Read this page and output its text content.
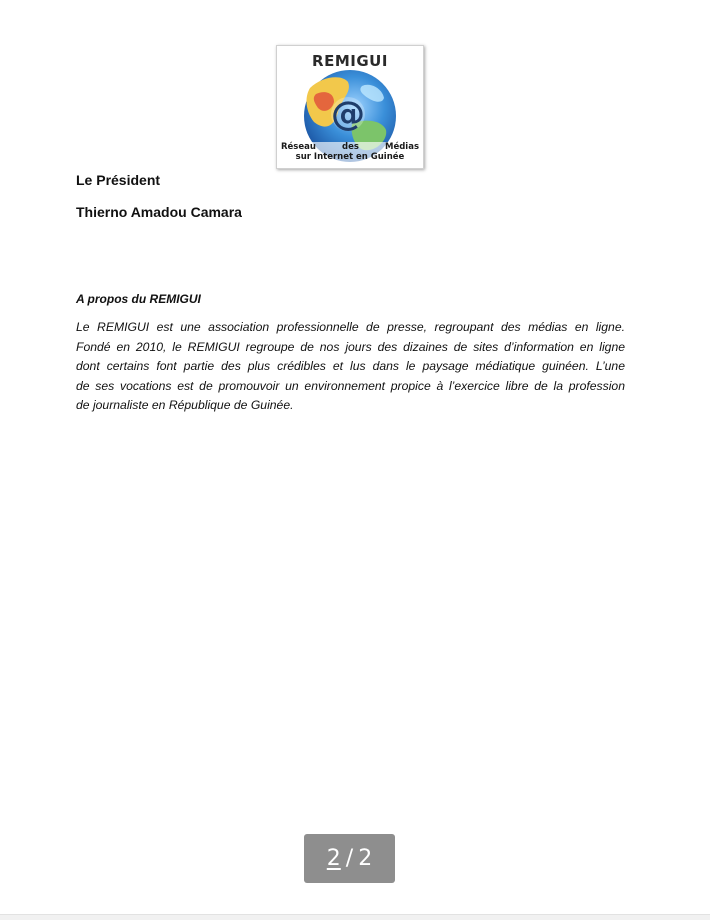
REMIGUI
@
Réseau des Médias
sur Internet en Guinée
Le Président
Thierno Amadou Camara
A propos du REMIGUI

Le REMIGUI est une association professionnelle de presse, regroupant des médias en ligne.
Fondé en 2010, le REMIGUI regroupe de nos jours des dizaines de sites d’information en ligne
dont certains font partie des plus crédibles et lus dans le paysage médiatique guinéen. L’une
de ses vocations est de promouvoir un environnement propice à l’exercice libre de la profession
de journaliste en République de Guinée.

2 / 2
